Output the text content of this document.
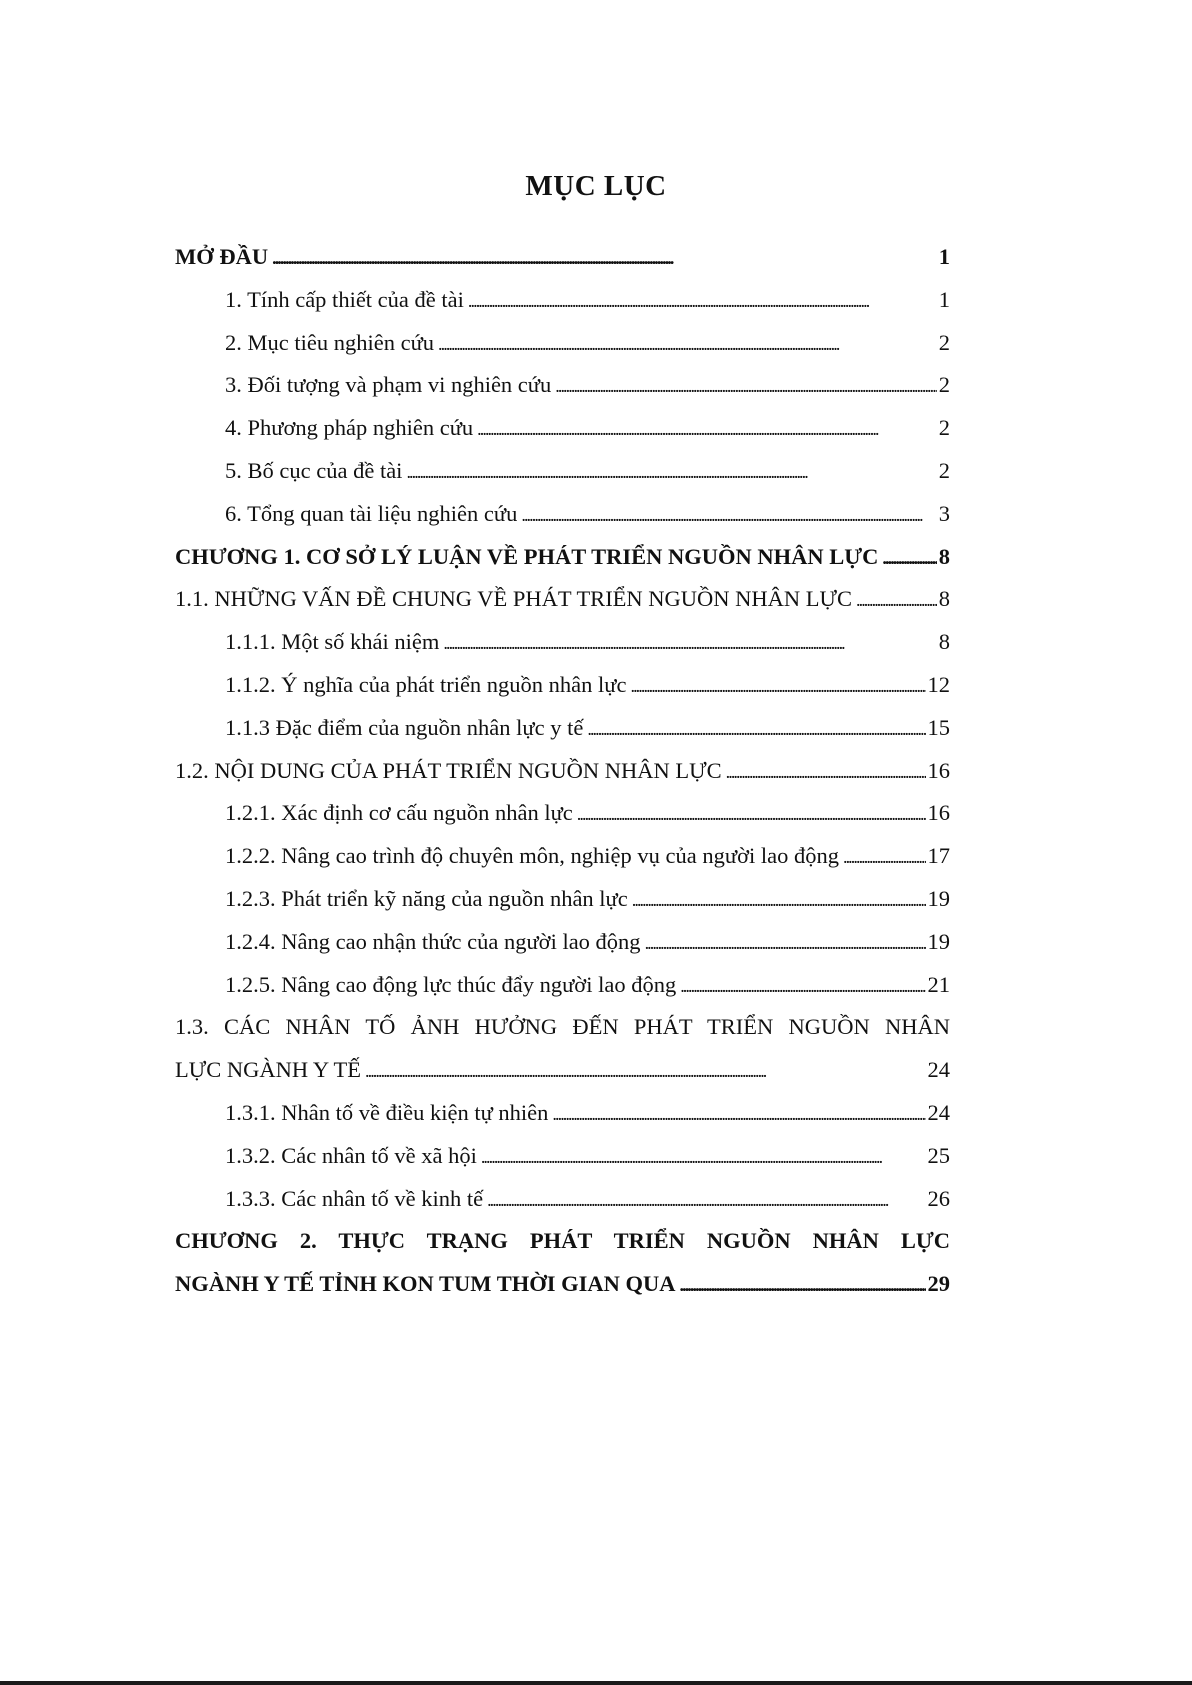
MỤC LỤC
MỞ ĐẦU . . .	1
1. Tính cấp thiết của đề tài . . .	1
2. Mục tiêu nghiên cứu . . .	2
3. Đối tượng và phạm vi nghiên cứu . . .	2
4. Phương pháp nghiên cứu . . .	2
5. Bố cục của đề tài . . .	2
6. Tổng quan tài liệu nghiên cứu . . .	3
CHƯƠNG 1. CƠ SỞ LÝ LUẬN VỀ PHÁT TRIỂN NGUỒN NHÂN LỰC . . .	8
1.1. NHỮNG VẤN ĐỀ CHUNG VỀ PHÁT TRIỂN NGUỒN NHÂN LỰC . . .	8
1.1.1. Một số khái niệm . . .	8
1.1.2. Ý nghĩa của phát triển nguồn nhân lực . . .	12
1.1.3 Đặc điểm của nguồn nhân lực y tế . . .	15
1.2. NỘI DUNG CỦA PHÁT TRIỂN NGUỒN NHÂN LỰC . . .	16
1.2.1. Xác định cơ cấu nguồn nhân lực . . .	16
1.2.2. Nâng cao trình độ chuyên môn, nghiệp vụ của người lao động . . .	17
1.2.3. Phát triển kỹ năng của nguồn nhân lực . . .	19
1.2.4. Nâng cao nhận thức của người lao động . . .	19
1.2.5. Nâng cao động lực thúc đẩy người lao động . . .	21
1.3. CÁC NHÂN TỐ ẢNH HƯỞNG ĐẾN PHÁT TRIỂN NGUỒN NHÂN
LỰC NGÀNH Y TẾ . . .	24
1.3.1. Nhân tố về điều kiện tự nhiên . . .	24
1.3.2. Các nhân tố về xã hội . . .	25
1.3.3. Các nhân tố về kinh tế . . .	26
CHƯƠNG 2. THỰC TRẠNG PHÁT TRIỂN NGUỒN NHÂN LỰC
NGÀNH Y TẾ TỈNH KON TUM THỜI GIAN QUA . . .	29
